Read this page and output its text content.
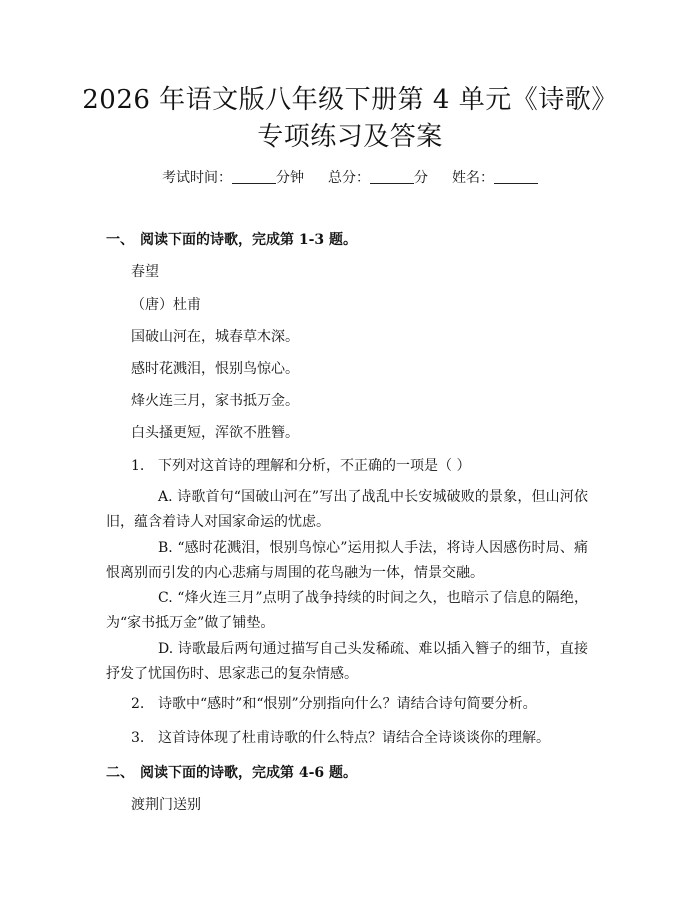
2026 年语文版八年级下册第 4 单元《诗歌》
专项练习及答案
考试时间：	分钟 总分：	分 姓名：
一、 阅读下面的诗歌，完成第 1-3 题。
春望
（唐）杜甫
国破山河在，城春草木深。
感时花溅泪，恨别鸟惊心。
烽火连三月，家书抵万金。
白头搔更短，浑欲不胜簪。
1. 下列对这首诗的理解和分析，不正确的一项是（ ）
A. 诗歌首句“国破山河在”写出了战乱中长安城破败的景象，但山河依旧，蕴含着诗人对国家命运的忧虑。
B. “感时花溅泪，恨别鸟惊心”运用拟人手法，将诗人因感伤时局、痛恨离别而引发的内心悲痛与周围的花鸟融为一体，情景交融。
C. “烽火连三月”点明了战争持续的时间之久，也暗示了信息的隔绝，为“家书抵万金”做了铺垫。
D. 诗歌最后两句通过描写自己头发稀疏、难以插入簪子的细节，直接抒发了忧国伤时、思家悲己的复杂情感。
2. 诗歌中“感时”和“恨别”分别指向什么？请结合诗句简要分析。
3. 这首诗体现了杜甫诗歌的什么特点？请结合全诗谈谈你的理解。
二、 阅读下面的诗歌，完成第 4-6 题。
渡荆门送别
